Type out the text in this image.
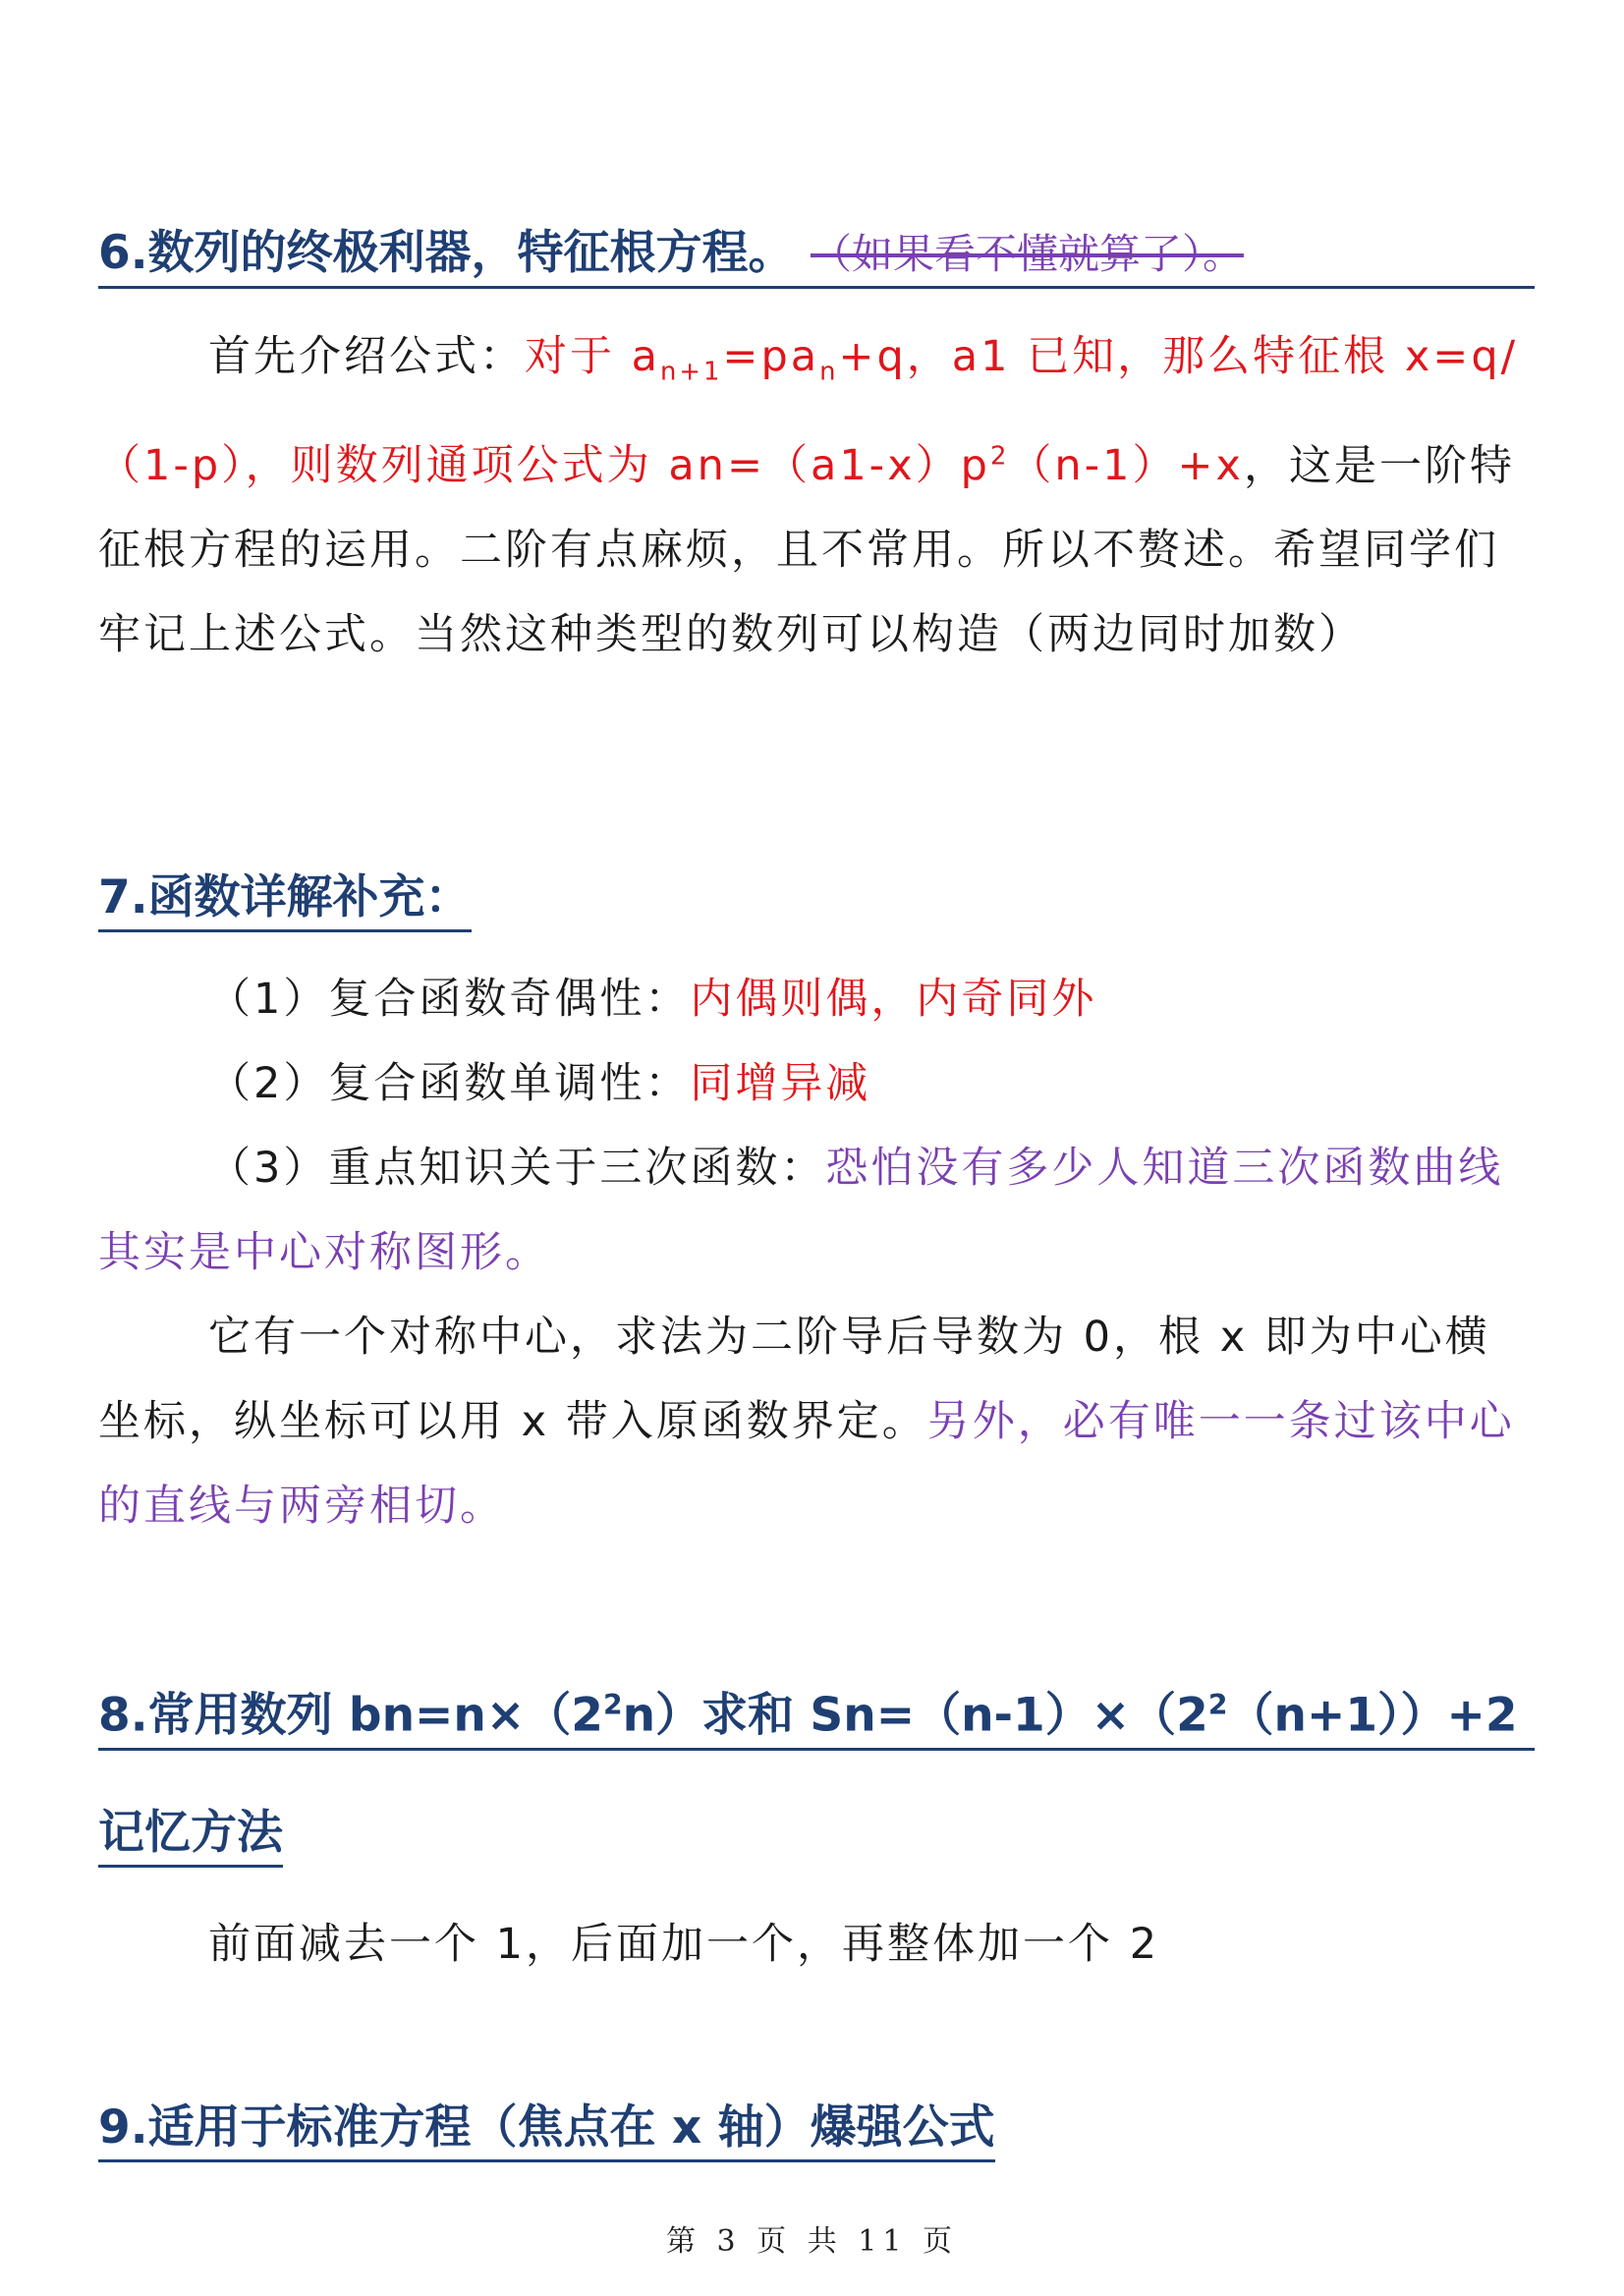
6.数列的终极利器，特征根方程。 （如果看不懂就算了）。
首先介绍公式：对于 $a_{n+1}=pa_n+q$，a1 已知，那么特征根 x=q/（1-p），则数列通项公式为 $an=(a1-x)p^2(n-1)+x$，这是一阶特征根方程的运用。二阶有点麻烦，且不常用。所以不赘述。希望同学们牢记上述公式。当然这种类型的数列可以构造（两边同时加数）
7.函数详解补充：
（1）复合函数奇偶性：内偶则偶，内奇同外
（2）复合函数单调性：同增异减
（3）重点知识关于三次函数：恐怕没有多少人知道三次函数曲线其实是中心对称图形。
它有一个对称中心，求法为二阶导后导数为 0，根 x 即为中心横坐标，纵坐标可以用 x 带入原函数界定。另外，必有唯一一条过该中心的直线与两旁相切。
8.常用数列 $bn=n\times(2^2n)$求和 $Sn=(n-1)\times(2^2(n+1))+2$
记忆方法
前面减去一个 1，后面加一个，再整体加一个 2
9.适用于标准方程（焦点在 x 轴）爆强公式
第 3 页 共 11 页
